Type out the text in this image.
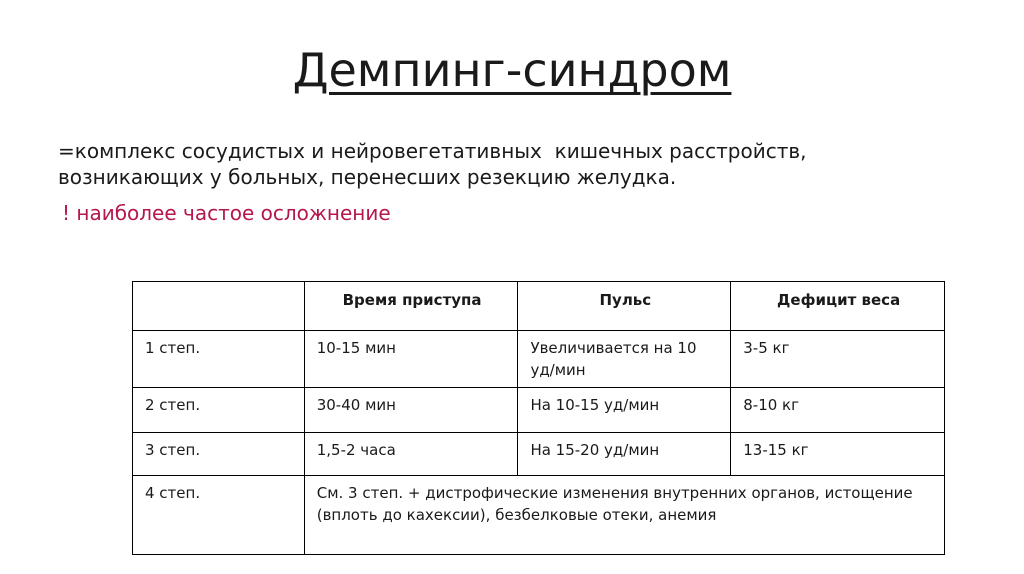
Демпинг-синдром
=комплекс сосудистых и нейровегетативных  кишечных расстройств,
возникающих у больных, перенесших резекцию желудка.
! наиболее частое осложнение
	Время приступа	Пульс	Дефицит веса
1 степ.	10-15 мин	Увеличивается на 10 уд/мин	3-5 кг
2 степ.	30-40 мин	На 10-15 уд/мин	8-10 кг
3 степ.	1,5-2 часа	На 15-20 уд/мин	13-15 кг
4 степ.	См. 3 степ. + дистрофические изменения внутренних органов, истощение (вплоть до кахексии), безбелковые отеки, анемия		
